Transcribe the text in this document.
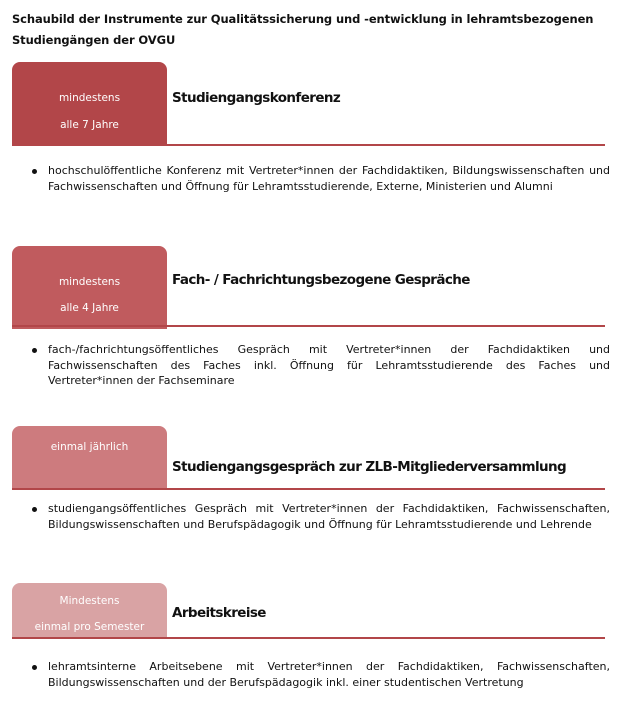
Schaubild der Instrumente zur Qualitätssicherung und -entwicklung in lehramtsbezogenen Studiengängen der OVGU
mindestens
alle 7 Jahre
Studiengangskonferenz

hochschulöffentliche Konferenz mit Vertreter*innen der Fachdidaktiken, Bildungswissenschaften und Fachwissenschaften und Öffnung für Lehramtsstudierende, Externe, Ministerien und Alumni

mindestens
alle 4 Jahre
Fach- / Fachrichtungsbezogene Gespräche

fach-/fachrichtungsöffentliches Gespräch mit Vertreter*innen der Fachdidaktiken und Fachwissenschaften des Faches inkl. Öffnung für Lehramtsstudierende des Faches und Vertreter*innen der Fachseminare

einmal jährlich
Studiengangsgespräch zur ZLB-Mitgliederversammlung

studiengangsöffentliches Gespräch mit Vertreter*innen der Fachdidaktiken, Fachwissenschaften, Bildungswissenschaften und Berufspädagogik und Öffnung für Lehramtsstudierende und Lehrende

Mindestens
einmal pro Semester
Arbeitskreise

lehramtsinterne Arbeitsebene mit Vertreter*innen der Fachdidaktiken, Fachwissenschaften, Bildungswissenschaften und der Berufspädagogik inkl. einer studentischen Vertretung
